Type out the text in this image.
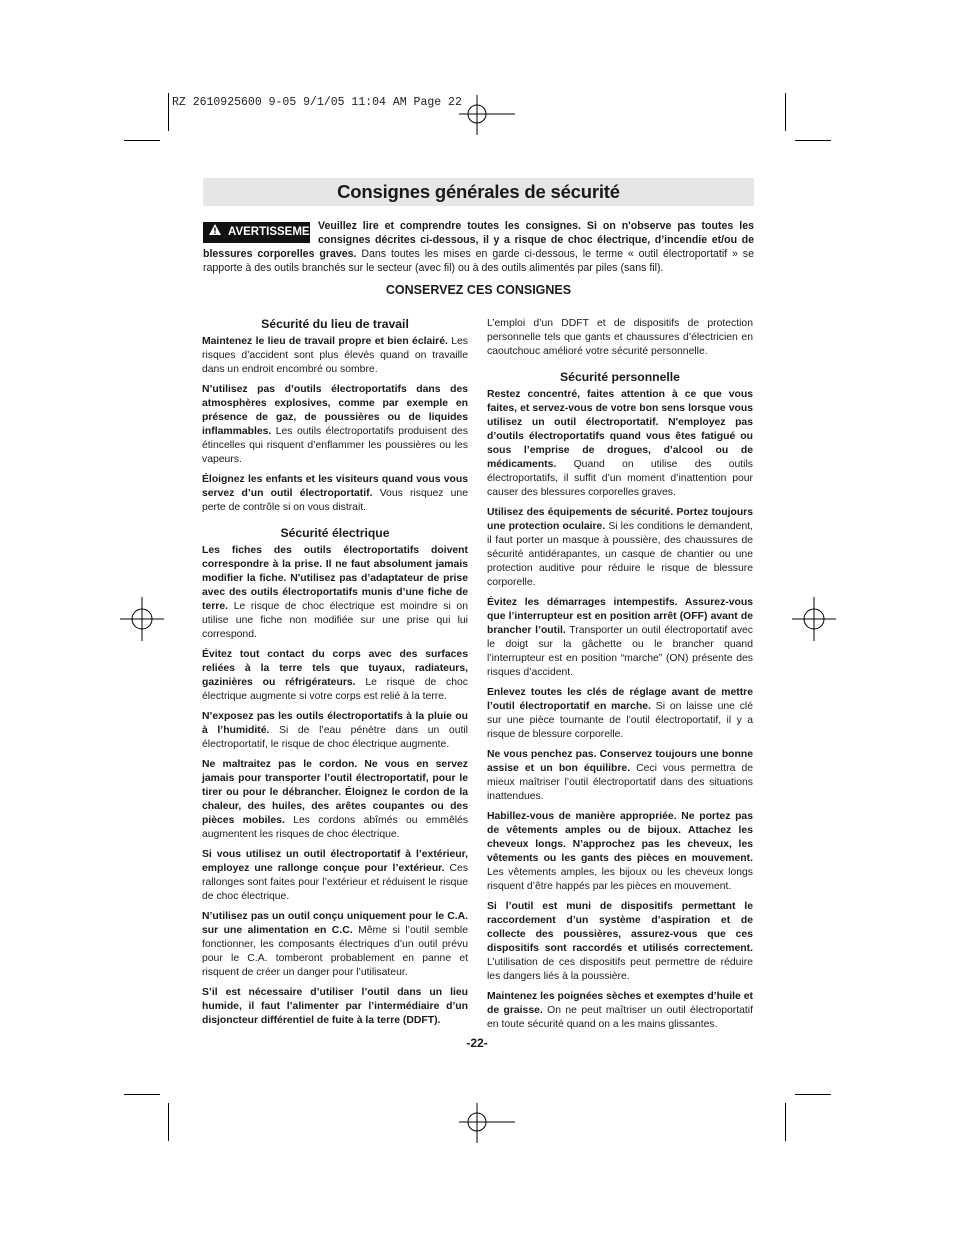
RZ 2610925600 9-05 9/1/05 11:04 AM Page 22
Consignes générales de sécurité
AVERTISSEMENT
Veuillez lire et comprendre toutes les consignes. Si on n'observe pas toutes les consignes décrites ci-dessous, il y a risque de choc électrique, d’incendie et/ou de blessures corporelles graves. Dans toutes les mises en garde ci-dessous, le terme « outil électroportatif » se rapporte à des outils branchés sur le secteur (avec fil) ou à des outils alimentés par piles (sans fil).
CONSERVEZ CES CONSIGNES
Sécurité du lieu de travail

Maintenez le lieu de travail propre et bien éclairé. Les risques d’accident sont plus élevés quand on travaille dans un endroit encombré ou sombre.

N’utilisez pas d’outils électroportatifs dans des atmosphères explosives, comme par exemple en présence de gaz, de poussières ou de liquides inflammables. Les outils électroportatifs produisent des étincelles qui risquent d’enflammer les poussières ou les vapeurs.

Éloignez les enfants et les visiteurs quand vous vous servez d’un outil électroportatif. Vous risquez une perte de contrôle si on vous distrait.

Sécurité électrique

Les fiches des outils électroportatifs doivent correspondre à la prise. Il ne faut absolument jamais modifier la fiche. N'utilisez pas d’adaptateur de prise avec des outils électroportatifs munis d’une fiche de terre. Le risque de choc électrique est moindre si on utilise une fiche non modifiée sur une prise qui lui correspond.

Évitez tout contact du corps avec des surfaces reliées à la terre tels que tuyaux, radiateurs, gazinières ou réfrigérateurs. Le risque de choc électrique augmente si votre corps est relié à la terre.

N’exposez pas les outils électroportatifs à la pluie ou à l’humidité. Si de l’eau pénètre dans un outil électroportatif, le risque de choc électrique augmente.

Ne maltraitez pas le cordon. Ne vous en servez jamais pour transporter l’outil électroportatif, pour le tirer ou pour le débrancher. Éloignez le cordon de la chaleur, des huiles, des arêtes coupantes ou des pièces mobiles. Les cordons abîmés ou emmêlés augmentent les risques de choc électrique.

Si vous utilisez un outil électroportatif à l’extérieur, employez une rallonge conçue pour l’extérieur. Ces rallonges sont faites pour l’extérieur et réduisent le risque de choc électrique.

N’utilisez pas un outil conçu uniquement pour le C.A. sur une alimentation en C.C. Même si l’outil semble fonctionner, les composants électriques d’un outil prévu pour le C.A. tomberont probablement en panne et risquent de créer un danger pour l’utilisateur.

S’il est nécessaire d’utiliser l’outil dans un lieu humide, il faut l’alimenter par l’intermédiaire d’un disjoncteur différentiel de fuite à la terre (DDFT).

L’emploi d’un DDFT et de dispositifs de protection personnelle tels que gants et chaussures d’électricien en caoutchouc amélioré votre sécurité personnelle.

Sécurité personnelle

Restez concentré, faites attention à ce que vous faites, et servez-vous de votre bon sens lorsque vous utilisez un outil électroportatif. N'employez pas d’outils électroportatifs quand vous êtes fatigué ou sous l’emprise de drogues, d’alcool ou de médicaments. Quand on utilise des outils électroportatifs, il suffit d’un moment d’inattention pour causer des blessures corporelles graves.

Utilisez des équipements de sécurité. Portez toujours une protection oculaire. Si les conditions le demandent, il faut porter un masque à poussière, des chaussures de sécurité antidérapantes, un casque de chantier ou une protection auditive pour réduire le risque de blessure corporelle.

Évitez les démarrages intempestifs. Assurez-vous que l’interrupteur est en position arrêt (OFF) avant de brancher l’outil. Transporter un outil électroportatif avec le doigt sur la gâchette ou le brancher quand l’interrupteur est en position “marche” (ON) présente des risques d’accident.

Enlevez toutes les clés de réglage avant de mettre l’outil électroportatif en marche. Si on laisse une clé sur une pièce tournante de l’outil électroportatif, il y a risque de blessure corporelle.

Ne vous penchez pas. Conservez toujours une bonne assise et un bon équilibre. Ceci vous permettra de mieux maîtriser l’outil électroportatif dans des situations inattendues.

Habillez-vous de manière appropriée. Ne portez pas de vêtements amples ou de bijoux. Attachez les cheveux longs. N’approchez pas les cheveux, les vêtements ou les gants des pièces en mouvement. Les vêtements amples, les bijoux ou les cheveux longs risquent d’être happés par les pièces en mouvement.

Si l’outil est muni de dispositifs permettant le raccordement d’un système d’aspiration et de collecte des poussières, assurez-vous que ces dispositifs sont raccordés et utilisés correctement. L’utilisation de ces dispositifs peut permettre de réduire les dangers liés à la poussière.

Maintenez les poignées sèches et exemptes d’huile et de graisse. On ne peut maîtriser un outil électroportatif en toute sécurité quand on a les mains glissantes.

-22-
